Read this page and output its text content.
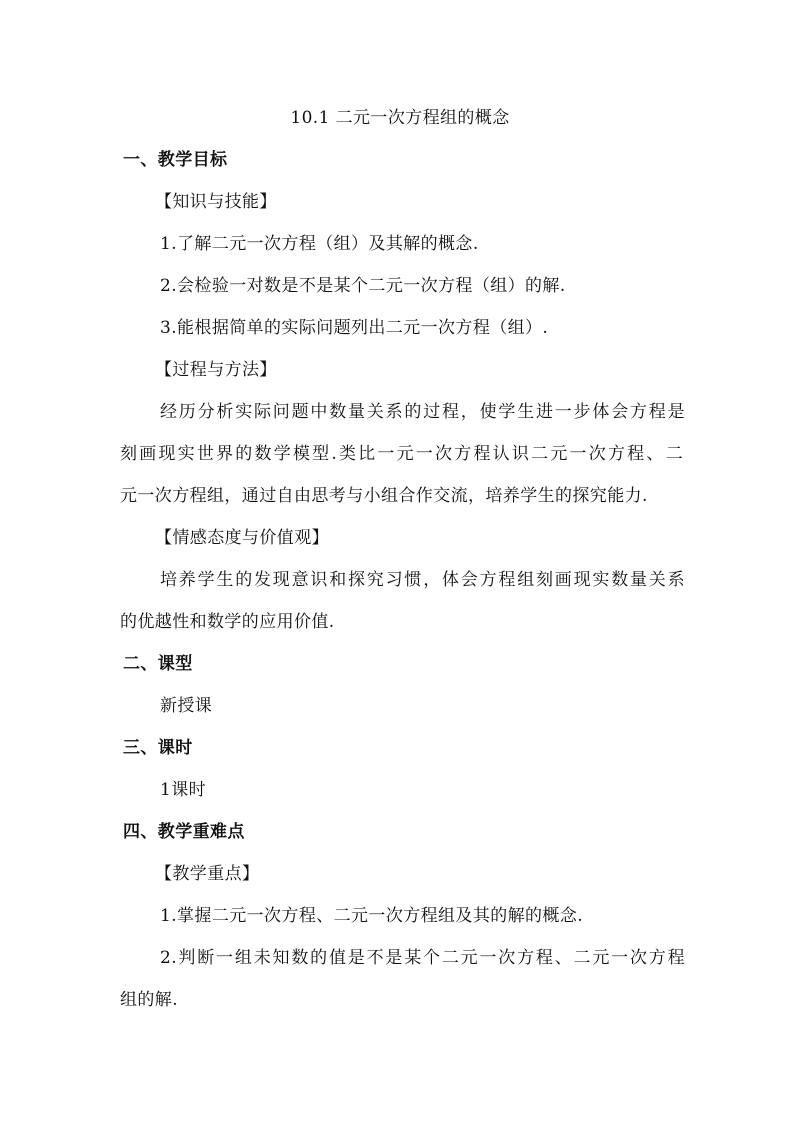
10.1 二元一次方程组的概念
一、教学目标
【知识与技能】
1.了解二元一次方程（组）及其解的概念.
2.会检验一对数是不是某个二元一次方程（组）的解.
3.能根据简单的实际问题列出二元一次方程（组）.
【过程与方法】
经历分析实际问题中数量关系的过程，使学生进一步体会方程是
刻画现实世界的数学模型.类比一元一次方程认识二元一次方程、二
元一次方程组，通过自由思考与小组合作交流，培养学生的探究能力.
【情感态度与价值观】
培养学生的发现意识和探究习惯，体会方程组刻画现实数量关系
的优越性和数学的应用价值.
二、课型
新授课
三、课时
1课时
四、教学重难点
【教学重点】
1.掌握二元一次方程、二元一次方程组及其的解的概念.
2.判断一组未知数的值是不是某个二元一次方程、二元一次方程
组的解.
